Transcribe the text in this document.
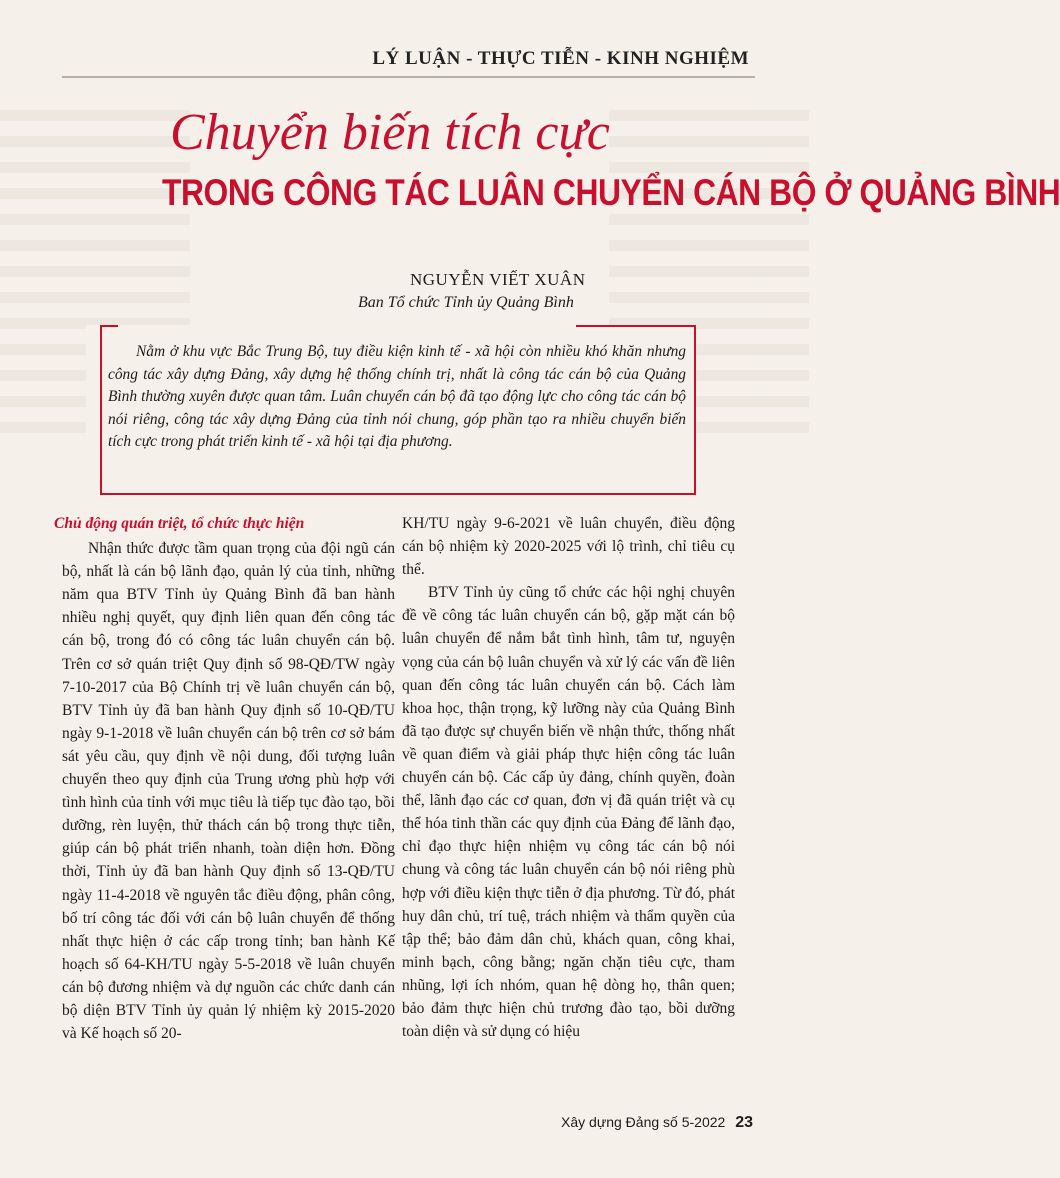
LÝ LUẬN - THỰC TIỄN - KINH NGHIỆM
Chuyển biến tích cực
TRONG CÔNG TÁC LUÂN CHUYỂN CÁN BỘ Ở QUẢNG BÌNH
NGUYỄN VIẾT XUÂN
Ban Tổ chức Tỉnh ủy Quảng Bình

Nằm ở khu vực Bắc Trung Bộ, tuy điều kiện kinh tế - xã hội còn nhiều khó khăn nhưng công tác xây dựng Đảng, xây dựng hệ thống chính trị, nhất là công tác cán bộ của Quảng Bình thường xuyên được quan tâm. Luân chuyển cán bộ đã tạo động lực cho công tác cán bộ nói riêng, công tác xây dựng Đảng của tỉnh nói chung, góp phần tạo ra nhiều chuyển biến tích cực trong phát triển kinh tế - xã hội tại địa phương.

Chủ động quán triệt, tổ chức thực hiện

Nhận thức được tầm quan trọng của đội ngũ cán bộ, nhất là cán bộ lãnh đạo, quản lý của tỉnh, những năm qua BTV Tỉnh ủy Quảng Bình đã ban hành nhiều nghị quyết, quy định liên quan đến công tác cán bộ, trong đó có công tác luân chuyển cán bộ. Trên cơ sở quán triệt Quy định số 98-QĐ/TW ngày 7-10-2017 của Bộ Chính trị về luân chuyển cán bộ, BTV Tỉnh ủy đã ban hành Quy định số 10-QĐ/TU ngày 9-1-2018 về luân chuyển cán bộ trên cơ sở bám sát yêu cầu, quy định về nội dung, đối tượng luân chuyển theo quy định của Trung ương phù hợp với tình hình của tỉnh với mục tiêu là tiếp tục đào tạo, bồi dưỡng, rèn luyện, thử thách cán bộ trong thực tiễn, giúp cán bộ phát triển nhanh, toàn diện hơn. Đồng thời, Tỉnh ủy đã ban hành Quy định số 13-QĐ/TU ngày 11-4-2018 về nguyên tắc điều động, phân công, bố trí công tác đối với cán bộ luân chuyển để thống nhất thực hiện ở các cấp trong tỉnh; ban hành Kế hoạch số 64-KH/TU ngày 5-5-2018 về luân chuyển cán bộ đương nhiệm và dự nguồn các chức danh cán bộ diện BTV Tỉnh ủy quản lý nhiệm kỳ 2015-2020 và Kế hoạch số 20-

KH/TU ngày 9-6-2021 về luân chuyển, điều động cán bộ nhiệm kỳ 2020-2025 với lộ trình, chỉ tiêu cụ thể.

BTV Tỉnh ủy cũng tổ chức các hội nghị chuyên đề về công tác luân chuyển cán bộ, gặp mặt cán bộ luân chuyển để nắm bắt tình hình, tâm tư, nguyện vọng của cán bộ luân chuyển và xử lý các vấn đề liên quan đến công tác luân chuyển cán bộ. Cách làm khoa học, thận trọng, kỹ lưỡng này của Quảng Bình đã tạo được sự chuyển biến về nhận thức, thống nhất về quan điểm và giải pháp thực hiện công tác luân chuyển cán bộ. Các cấp ủy đảng, chính quyền, đoàn thể, lãnh đạo các cơ quan, đơn vị đã quán triệt và cụ thể hóa tinh thần các quy định của Đảng để lãnh đạo, chỉ đạo thực hiện nhiệm vụ công tác cán bộ nói chung và công tác luân chuyển cán bộ nói riêng phù hợp với điều kiện thực tiễn ở địa phương. Từ đó, phát huy dân chủ, trí tuệ, trách nhiệm và thẩm quyền của tập thể; bảo đảm dân chủ, khách quan, công khai, minh bạch, công bằng; ngăn chặn tiêu cực, tham nhũng, lợi ích nhóm, quan hệ dòng họ, thân quen; bảo đảm thực hiện chủ trương đào tạo, bồi dưỡng toàn diện và sử dụng có hiệu

Xây dựng Đảng số 5-2022 23
